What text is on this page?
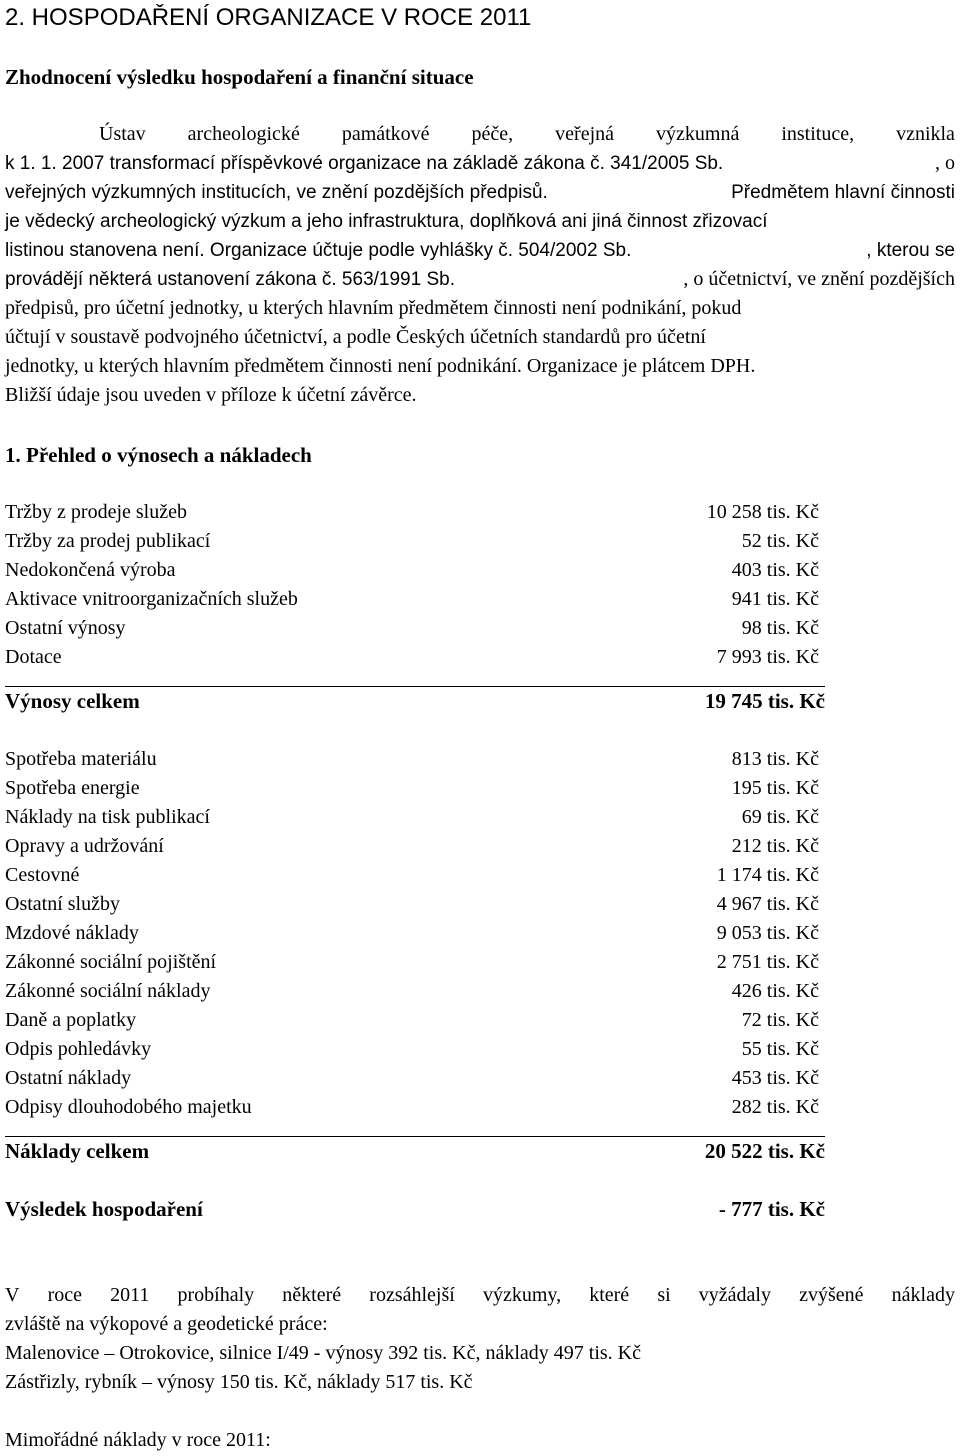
2. HOSPODAŘENÍ ORGANIZACE V ROCE 2011
Zhodnocení výsledku hospodaření a finanční situace
Ústav archeologické památkové péče, veřejná výzkumná instituce, vznikla
k 1. 1. 2007 transformací příspěvkové organizace na základě zákona č. 341/2005 Sb.	, o
veřejných výzkumných institucích, ve znění pozdějších předpisů.	Předmětem hlavní činnosti
je vědecký archeologický výzkum a jeho infrastruktura, doplňková ani jiná činnost zřizovací
listinou stanovena není. Organizace účtuje podle vyhlášky č. 504/2002 Sb.	, kterou se
provádějí některá ustanovení zákona č. 563/1991 Sb.	, o účetnictví, ve znění pozdějších
předpisů, pro účetní jednotky, u kterých hlavním předmětem činnosti není podnikání, pokud
účtují v soustavě podvojného účetnictví, a podle Českých účetních standardů pro účetní
jednotky, u kterých hlavním předmětem činnosti není podnikání. Organizace je plátcem DPH.
Bližší údaje jsou uveden v příloze k účetní závěrce.
1. Přehled o výnosech a nákladech
Tržby z prodeje služeb	10 258 tis. Kč
Tržby za prodej publikací	52 tis. Kč
Nedokončená výroba	403 tis. Kč
Aktivace vnitroorganizačních služeb	941 tis. Kč
Ostatní výnosy	98 tis. Kč
Dotace	7 993 tis. Kč
Výnosy celkem	19 745 tis. Kč
Spotřeba materiálu	813 tis. Kč
Spotřeba energie	195 tis. Kč
Náklady na tisk publikací	69 tis. Kč
Opravy a udržování	212 tis. Kč
Cestovné	1 174 tis. Kč
Ostatní služby	4 967 tis. Kč
Mzdové náklady	9 053 tis. Kč
Zákonné sociální pojištění	2 751 tis. Kč
Zákonné sociální náklady	426 tis. Kč
Daně a poplatky	72 tis. Kč
Odpis pohledávky	55 tis. Kč
Ostatní náklady	453 tis. Kč
Odpisy dlouhodobého majetku	282 tis. Kč
Náklady celkem	20 522 tis. Kč
Výsledek hospodaření	- 777 tis. Kč
V roce 2011 probíhaly některé rozsáhlejší výzkumy, které si vyžádaly zvýšené náklady
zvláště na výkopové a geodetické práce:
Malenovice – Otrokovice, silnice I/49 - výnosy 392 tis. Kč, náklady 497 tis. Kč
Zástřizly, rybník – výnosy 150 tis. Kč, náklady 517 tis. Kč
Mimořádné náklady v roce 2011:
